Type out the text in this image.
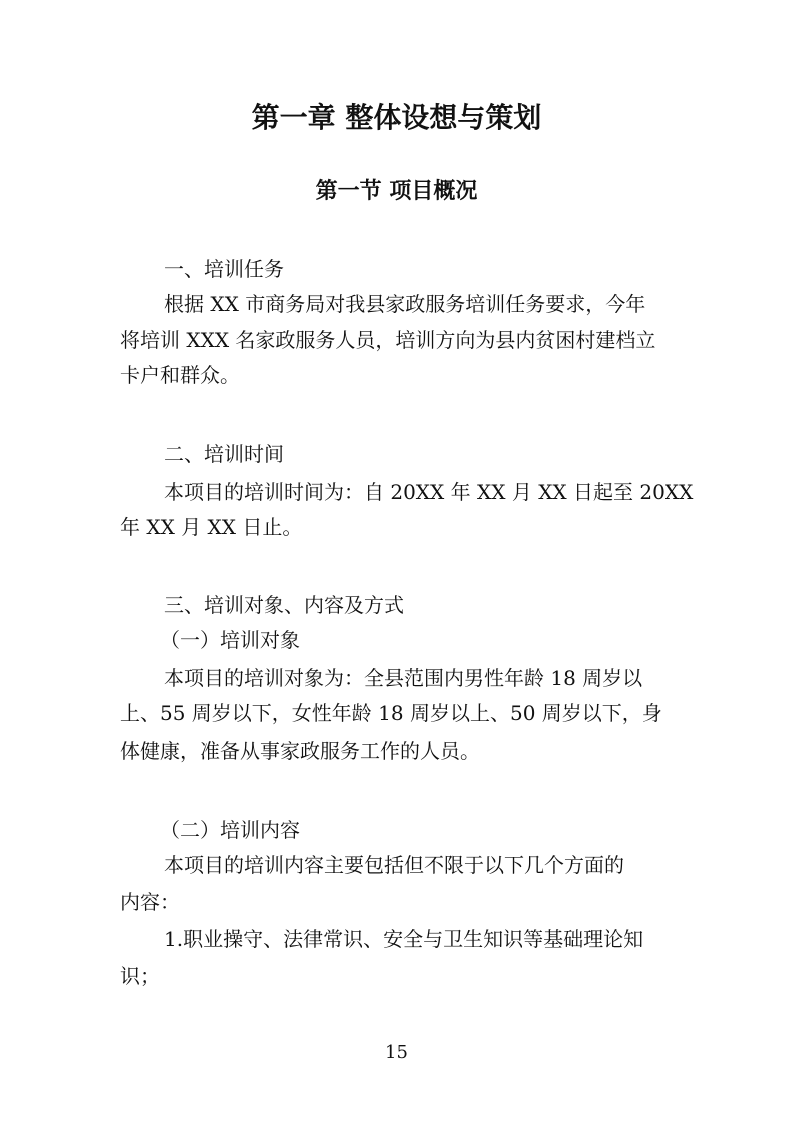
第一章 整体设想与策划
第一节 项目概况

一、培训任务

根据 XX 市商务局对我县家政服务培训任务要求，今年

将培训 XXX 名家政服务人员，培训方向为县内贫困村建档立

卡户和群众。

二、培训时间

本项目的培训时间为：自 20XX 年 XX 月 XX 日起至 20XX

年 XX 月 XX 日止。

三、培训对象、内容及方式

（一）培训对象

本项目的培训对象为：全县范围内男性年龄 18 周岁以

上、55 周岁以下，女性年龄 18 周岁以上、50 周岁以下，身

体健康，准备从事家政服务工作的人员。

（二）培训内容

本项目的培训内容主要包括但不限于以下几个方面的

内容：

1.职业操守、法律常识、安全与卫生知识等基础理论知

识；

15
